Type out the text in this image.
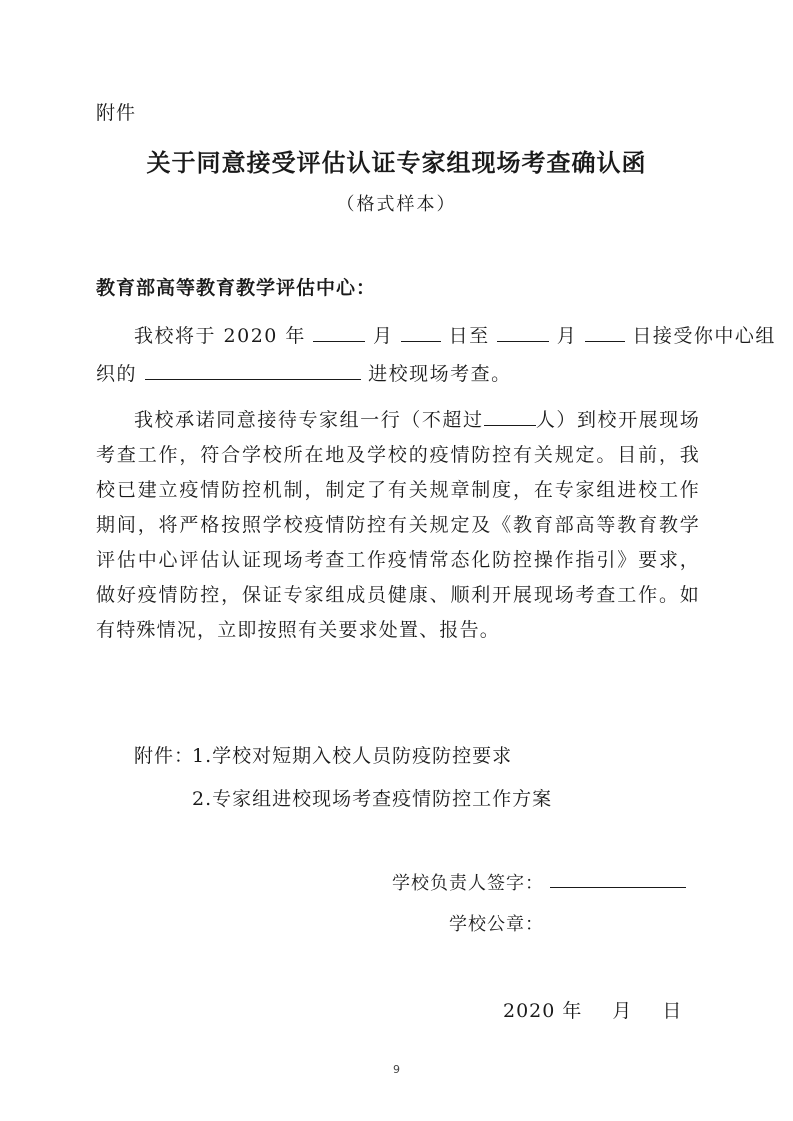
附件
关于同意接受评估认证专家组现场考查确认函
（格式样本）
教育部高等教育教学评估中心：
我校将于 2020 年	月	日至	月	日接受你中心组
织的	进校现场考查。
我校承诺同意接待专家组一行（不超过	人）到校开展现场考查工作，符合学校所在地及学校的疫情防控有关规定。目前，我校已建立疫情防控机制，制定了有关规章制度，在专家组进校工作期间，将严格按照学校疫情防控有关规定及《教育部高等教育教学评估中心评估认证现场考查工作疫情常态化防控操作指引》要求，做好疫情防控，保证专家组成员健康、顺利开展现场考查工作。如有特殊情况，立即按照有关要求处置、报告。
附件：
1.学校对短期入校人员防疫防控要求
2.专家组进校现场考查疫情防控工作方案
学校负责人签字：
学校公章：
2020 年 月 日
9
